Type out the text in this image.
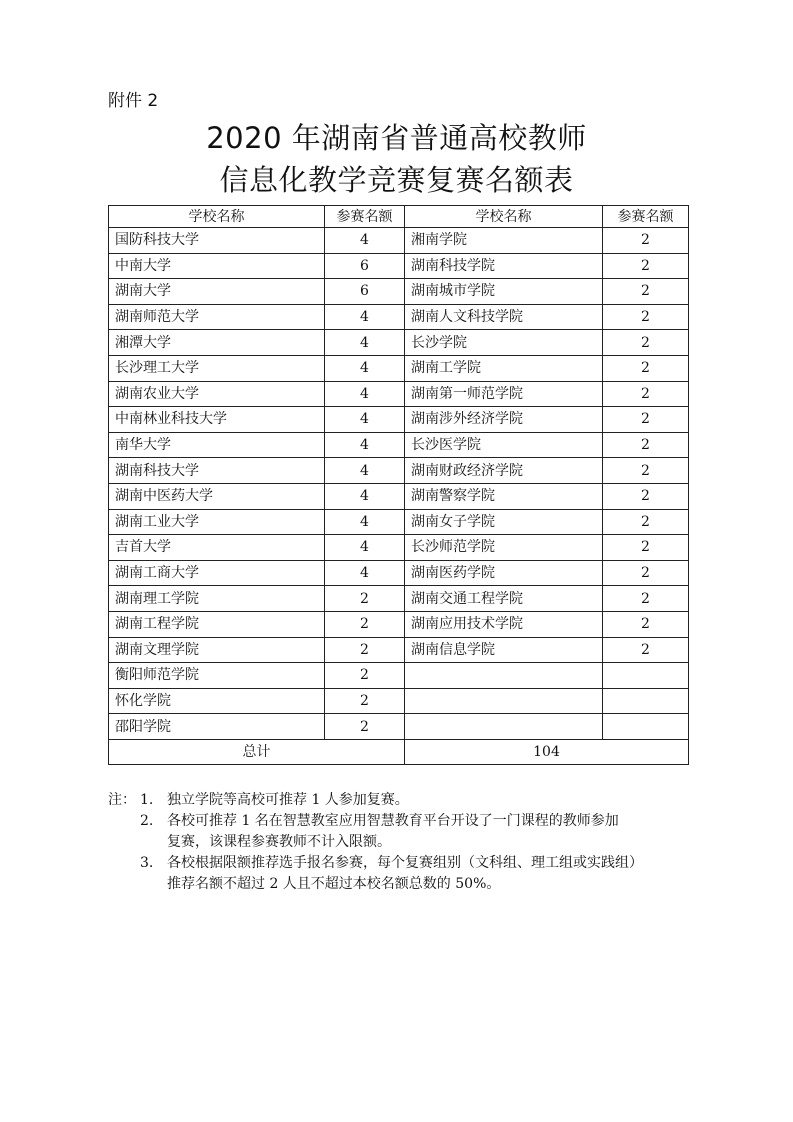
附件 2
2020 年湖南省普通高校教师
信息化教学竞赛复赛名额表
学校名称	参赛名额	学校名称	参赛名额
国防科技大学	4	湘南学院	2
中南大学	6	湖南科技学院	2
湖南大学	6	湖南城市学院	2
湖南师范大学	4	湖南人文科技学院	2
湘潭大学	4	长沙学院	2
长沙理工大学	4	湖南工学院	2
湖南农业大学	4	湖南第一师范学院	2
中南林业科技大学	4	湖南涉外经济学院	2
南华大学	4	长沙医学院	2
湖南科技大学	4	湖南财政经济学院	2
湖南中医药大学	4	湖南警察学院	2
湖南工业大学	4	湖南女子学院	2
吉首大学	4	长沙师范学院	2
湖南工商大学	4	湖南医药学院	2
湖南理工学院	2	湖南交通工程学院	2
湖南工程学院	2	湖南应用技术学院	2
湖南文理学院	2	湖南信息学院	2
衡阳师范学院	2		
怀化学院	2		
邵阳学院	2		
总计		104	
注： 1. 独立学院等高校可推荐 1 人参加复赛。
2. 各校可推荐 1 名在智慧教室应用智慧教育平台开设了一门课程的教师参加
复赛，该课程参赛教师不计入限额。
3. 各校根据限额推荐选手报名参赛，每个复赛组别（文科组、理工组或实践组）
推荐名额不超过 2 人且不超过本校名额总数的 50%。
